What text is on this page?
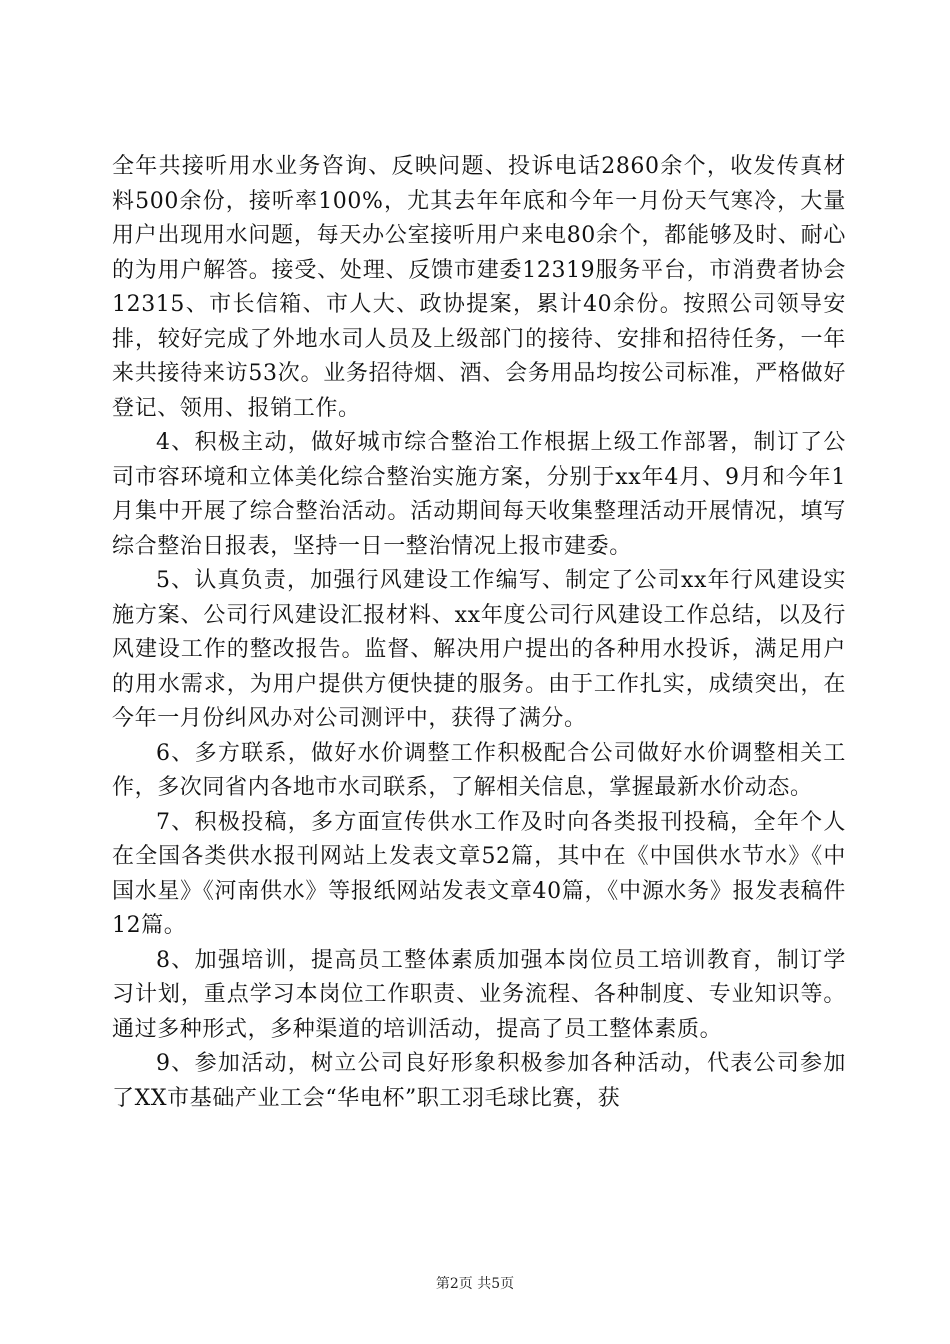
全年共接听用水业务咨询、反映问题、投诉电话2860余个，收发传真材料500余份，接听率100%，尤其去年年底和今年一月份天气寒冷，大量用户出现用水问题，每天办公室接听用户来电80余个，都能够及时、耐心的为用户解答。接受、处理、反馈市建委12319服务平台，市消费者协会12315、市长信箱、市人大、政协提案，累计40余份。按照公司领导安排，较好完成了外地水司人员及上级部门的接待、安排和招待任务，一年来共接待来访53次。业务招待烟、酒、会务用品均按公司标准，严格做好登记、领用、报销工作。

4、积极主动，做好城市综合整治工作根据上级工作部署，制订了公司市容环境和立体美化综合整治实施方案，分别于xx年4月、9月和今年1月集中开展了综合整治活动。活动期间每天收集整理活动开展情况，填写综合整治日报表，坚持一日一整治情况上报市建委。

5、认真负责，加强行风建设工作编写、制定了公司xx年行风建设实施方案、公司行风建设汇报材料、xx年度公司行风建设工作总结，以及行风建设工作的整改报告。监督、解决用户提出的各种用水投诉，满足用户的用水需求，为用户提供方便快捷的服务。由于工作扎实，成绩突出，在今年一月份纠风办对公司测评中，获得了满分。

6、多方联系，做好水价调整工作积极配合公司做好水价调整相关工作，多次同省内各地市水司联系，了解相关信息，掌握最新水价动态。

7、积极投稿，多方面宣传供水工作及时向各类报刊投稿，全年个人在全国各类供水报刊网站上发表文章52篇，其中在《中国供水节水》《中国水星》《河南供水》等报纸网站发表文章40篇，《中源水务》报发表稿件12篇。

8、加强培训，提高员工整体素质加强本岗位员工培训教育，制订学习计划，重点学习本岗位工作职责、业务流程、各种制度、专业知识等。通过多种形式，多种渠道的培训活动，提高了员工整体素质。

9、参加活动，树立公司良好形象积极参加各种活动，代表公司参加了XX市基础产业工会“华电杯”职工羽毛球比赛，获

第2页 共5页
